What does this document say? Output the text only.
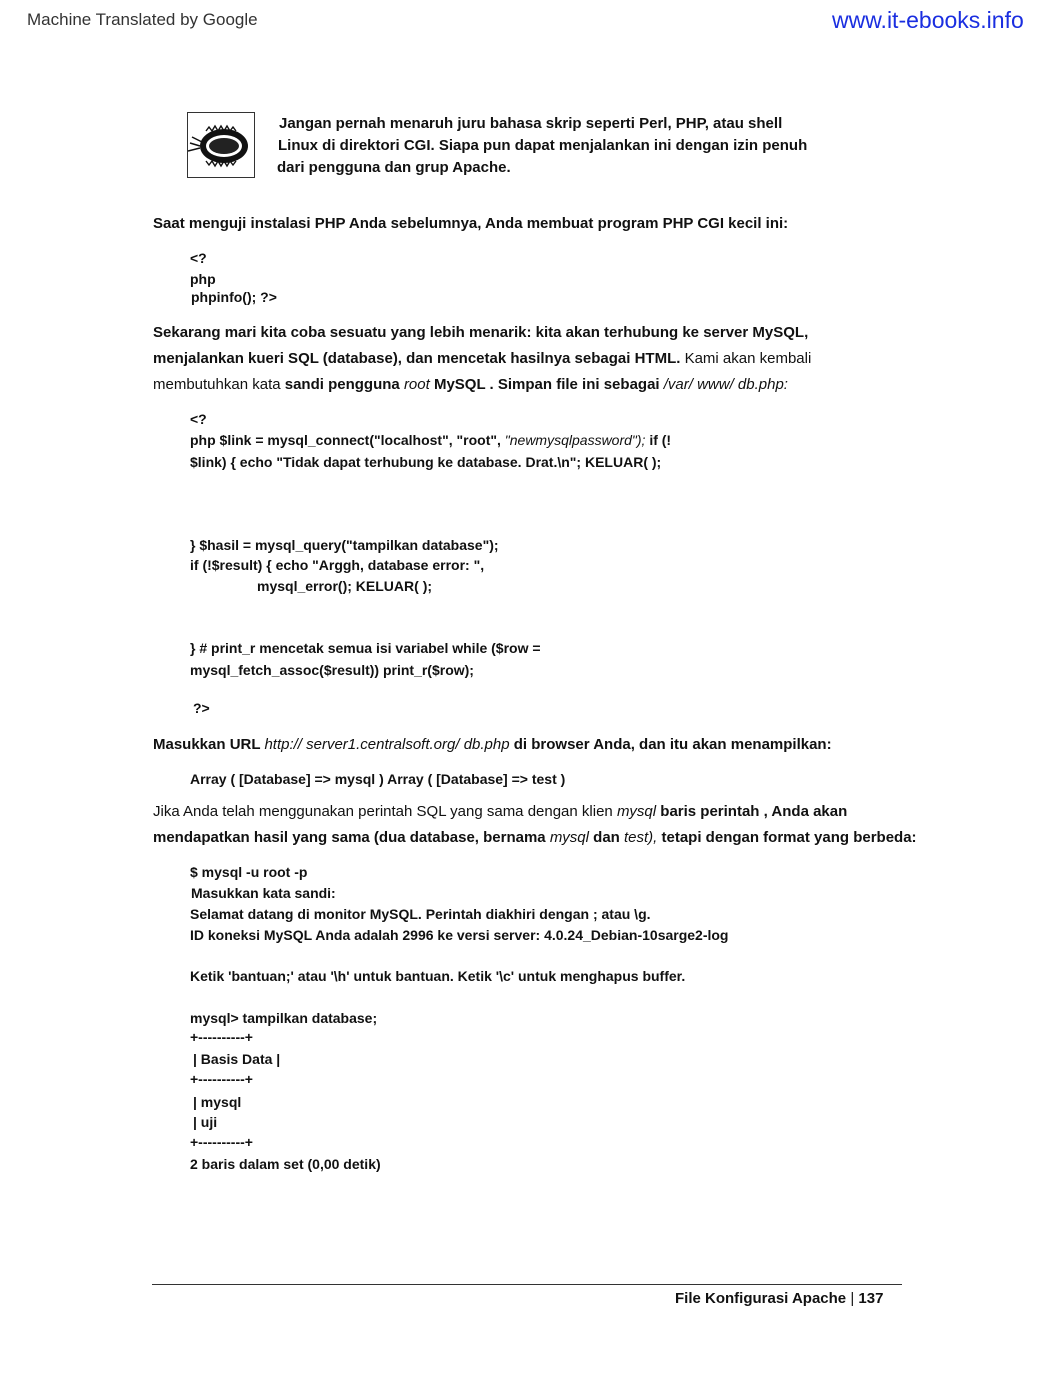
Machine Translated by Google	www.it-ebooks.info
Jangan pernah menaruh juru bahasa skrip seperti Perl, PHP, atau shell
Linux di direktori CGI. Siapa pun dapat menjalankan ini dengan izin penuh
dari pengguna dan grup Apache.
Saat menguji instalasi PHP Anda sebelumnya, Anda membuat program PHP CGI kecil ini:
<?
php
phpinfo(); ?>
Sekarang mari kita coba sesuatu yang lebih menarik: kita akan terhubung ke server MySQL,
menjalankan kueri SQL (database), dan mencetak hasilnya sebagai HTML. Kami akan kembali
membutuhkan kata sandi pengguna root MySQL . Simpan file ini sebagai /var/ www/ db.php:
<?
php $link = mysql_connect("localhost", "root", "newmysqlpassword"); if (!
$link) { echo "Tidak dapat terhubung ke database. Drat.\n"; KELUAR( );
} $hasil = mysql_query("tampilkan database");
if (!$result) { echo "Arggh, database error: ",
mysql_error(); KELUAR( );
} # print_r mencetak semua isi variabel while ($row =
mysql_fetch_assoc($result)) print_r($row);
?>
Masukkan URL http:// server1.centralsoft.org/ db.php di browser Anda, dan itu akan menampilkan:
Array ( [Database] => mysql ) Array ( [Database] => test )
Jika Anda telah menggunakan perintah SQL yang sama dengan klien mysql baris perintah , Anda akan
mendapatkan hasil yang sama (dua database, bernama mysql dan test), tetapi dengan format yang berbeda:
$ mysql -u root -p
Masukkan kata sandi:
Selamat datang di monitor MySQL. Perintah diakhiri dengan ; atau \g.
ID koneksi MySQL Anda adalah 2996 ke versi server: 4.0.24_Debian-10sarge2-log
Ketik 'bantuan;' atau '\h' untuk bantuan. Ketik '\c' untuk menghapus buffer.
mysql> tampilkan database;
+----------+
| Basis Data |
+----------+
| mysql
| uji
+----------+
2 baris dalam set (0,00 detik)
File Konfigurasi Apache | 137
